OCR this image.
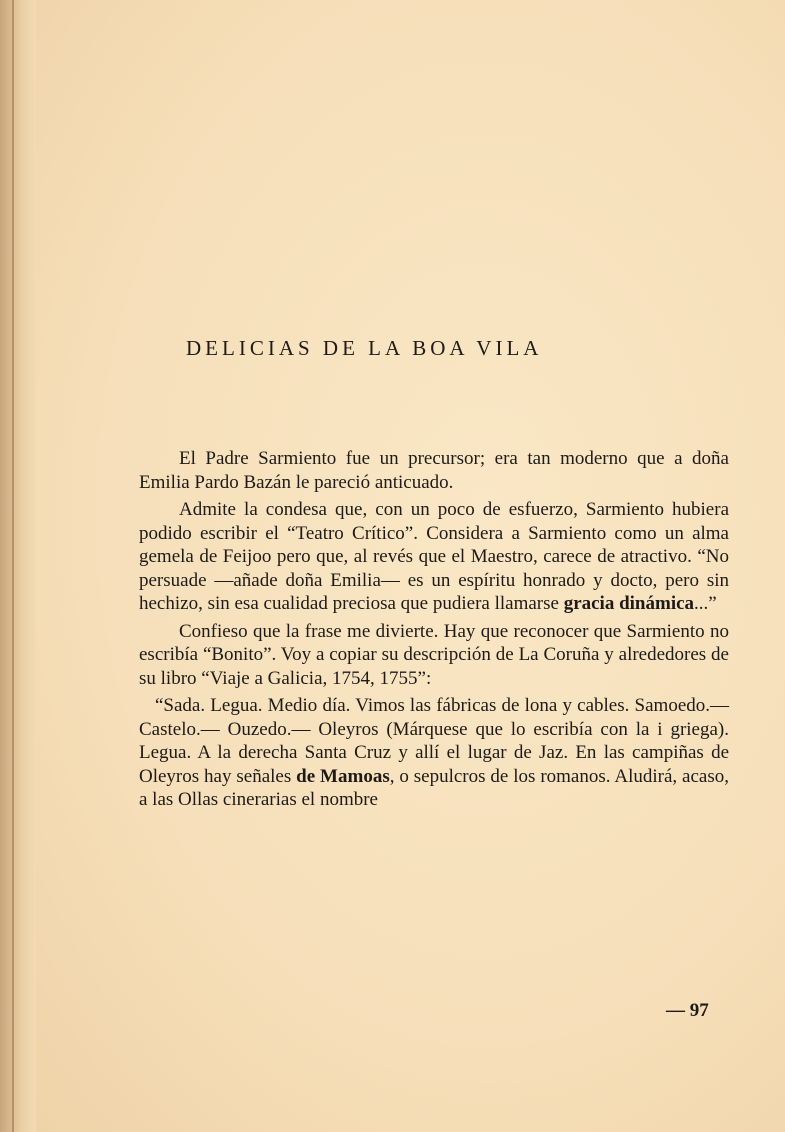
DELICIAS DE LA BOA VILA

El Padre Sarmiento fue un precursor; era tan moderno que a doña Emilia Pardo Bazán le pareció anticuado.

Admite la condesa que, con un poco de esfuerzo, Sarmiento hubiera podido escribir el “Teatro Crítico”. Considera a Sarmiento como un alma gemela de Feijoo pero que, al revés que el Maestro, carece de atractivo. “No persuade —añade doña Emilia— es un espíritu honrado y docto, pero sin hechizo, sin esa cualidad preciosa que pudiera llamarse gracia dinámica...”

Confieso que la frase me divierte. Hay que reconocer que Sarmiento no escribía “Bonito”. Voy a copiar su descripción de La Coruña y alrededores de su libro “Viaje a Galicia, 1754, 1755”:

“Sada. Legua. Medio día. Vimos las fábricas de lona y cables. Samoedo.— Castelo.— Ouzedo.— Oleyros (Márquese que lo escribía con la i griega). Legua. A la derecha Santa Cruz y allí el lugar de Jaz. En las campiñas de Oleyros hay señales de Mamoas, o sepulcros de los romanos. Aludirá, acaso, a las Ollas cinerarias el nombre

— 97
